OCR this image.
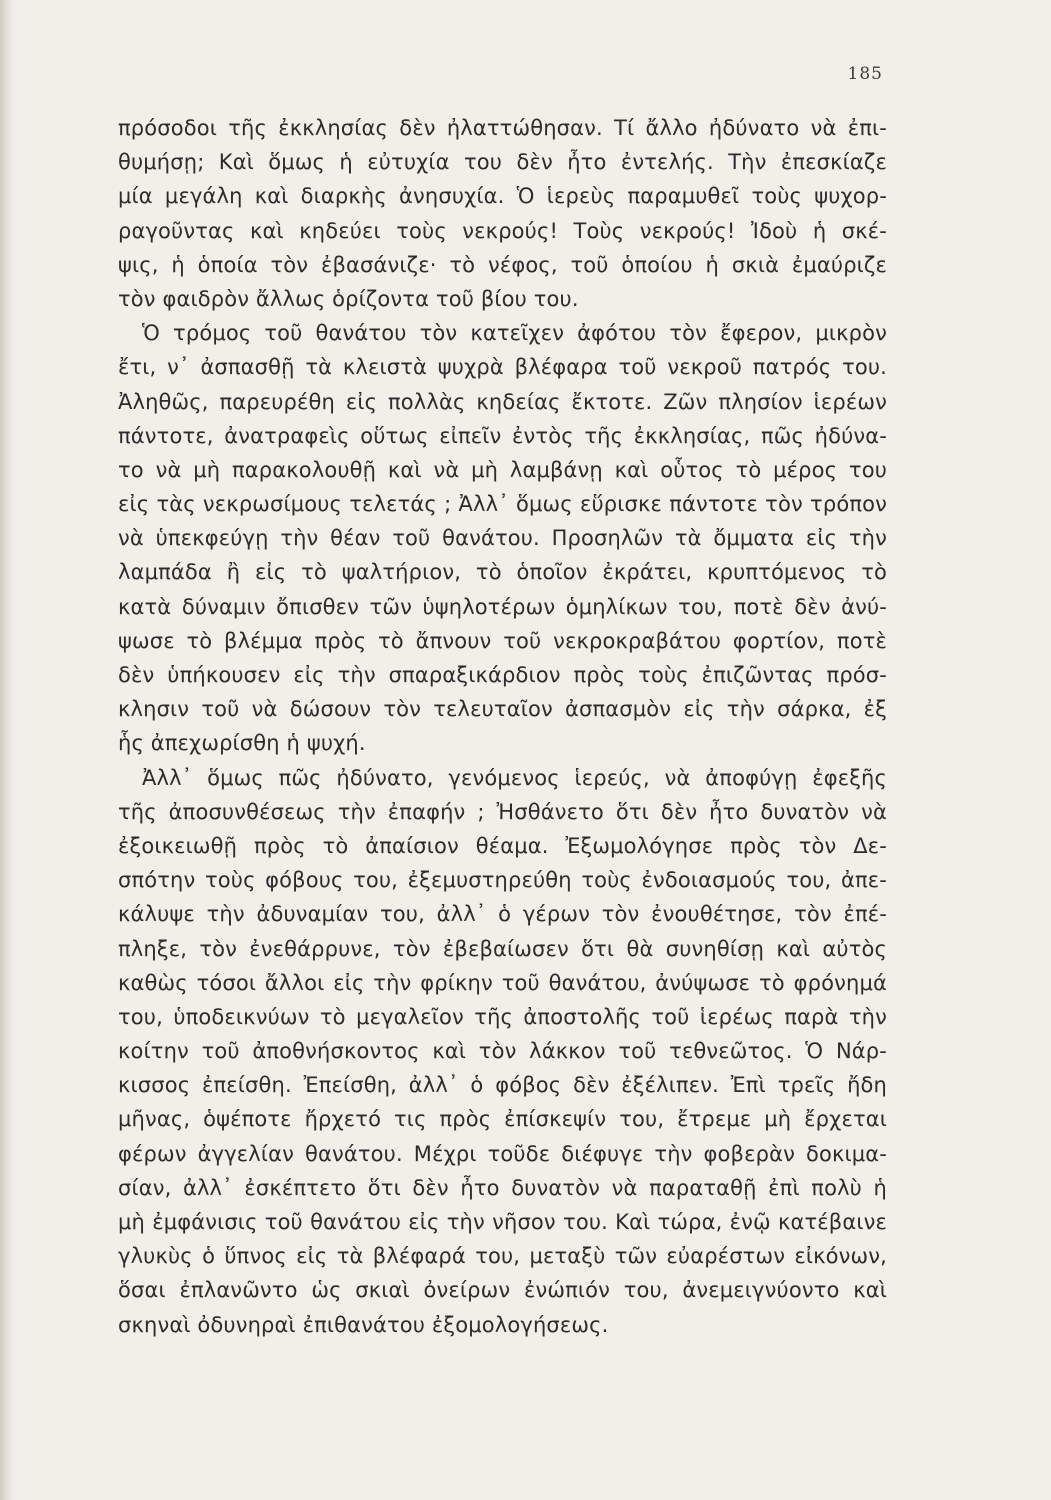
185
πρόσοδοι τῆς ἐκκλησίας δὲν ἠλαττώθησαν. Τί ἄλλο ἠδύνατο νὰ ἐπι-
θυμήσῃ; Καὶ ὅμως ἡ εὐτυχία του δὲν ἦτο ἐντελής. Τὴν ἐπεσκίαζε
μία μεγάλη καὶ διαρκὴς ἀνησυχία. Ὁ ἱερεὺς παραμυθεῖ τοὺς ψυχορ-
ραγοῦντας καὶ κηδεύει τοὺς νεκρούς! Τοὺς νεκρούς! Ἰδοὺ ἡ σκέ-
ψις, ἡ ὁποία τὸν ἐβασάνιζε· τὸ νέφος, τοῦ ὁποίου ἡ σκιὰ ἐμαύριζε
τὸν φαιδρὸν ἄλλως ὁρίζοντα τοῦ βίου του.
Ὁ τρόμος τοῦ θανάτου τὸν κατεῖχεν ἀφότου τὸν ἔφερον, μικρὸν
ἔτι, ν᾽ ἀσπασθῇ τὰ κλειστὰ ψυχρὰ βλέφαρα τοῦ νεκροῦ πατρός του.
Ἀληθῶς, παρευρέθη εἰς πολλὰς κηδείας ἔκτοτε. Ζῶν πλησίον ἱερέων
πάντοτε, ἀνατραφεὶς οὕτως εἰπεῖν ἐντὸς τῆς ἐκκλησίας, πῶς ἠδύνα-
το νὰ μὴ παρακολουθῇ καὶ νὰ μὴ λαμβάνῃ καὶ οὗτος τὸ μέρος του
εἰς τὰς νεκρωσίμους τελετάς ; Ἀλλ᾽ ὅμως εὕρισκε πάντοτε τὸν τρόπον
νὰ ὑπεκφεύγῃ τὴν θέαν τοῦ θανάτου. Προσηλῶν τὰ ὄμματα εἰς τὴν
λαμπάδα ἢ εἰς τὸ ψαλτήριον, τὸ ὁποῖον ἐκράτει, κρυπτόμενος τὸ
κατὰ δύναμιν ὄπισθεν τῶν ὑψηλοτέρων ὁμηλίκων του, ποτὲ δὲν ἀνύ-
ψωσε τὸ βλέμμα πρὸς τὸ ἄπνουν τοῦ νεκροκραβάτου φορτίον, ποτὲ
δὲν ὑπήκουσεν εἰς τὴν σπαραξικάρδιον πρὸς τοὺς ἐπιζῶντας πρόσ-
κλησιν τοῦ νὰ δώσουν τὸν τελευταῖον ἀσπασμὸν εἰς τὴν σάρκα, ἐξ
ἧς ἀπεχωρίσθη ἡ ψυχή.
Ἀλλ᾽ ὅμως πῶς ἠδύνατο, γενόμενος ἱερεύς, νὰ ἀποφύγῃ ἐφεξῆς
τῆς ἀποσυνθέσεως τὴν ἐπαφήν ; Ἠσθάνετο ὅτι δὲν ἦτο δυνατὸν νὰ
ἐξοικειωθῇ πρὸς τὸ ἀπαίσιον θέαμα. Ἐξωμολόγησε πρὸς τὸν Δε-
σπότην τοὺς φόβους του, ἐξεμυστηρεύθη τοὺς ἐνδοιασμούς του, ἀπε-
κάλυψε τὴν ἀδυναμίαν του, ἀλλ᾽ ὁ γέρων τὸν ἐνουθέτησε, τὸν ἐπέ-
πληξε, τὸν ἐνεθάρρυνε, τὸν ἐβεβαίωσεν ὅτι θὰ συνηθίσῃ καὶ αὐτὸς
καθὼς τόσοι ἄλλοι εἰς τὴν φρίκην τοῦ θανάτου, ἀνύψωσε τὸ φρόνημά
του, ὑποδεικνύων τὸ μεγαλεῖον τῆς ἀποστολῆς τοῦ ἱερέως παρὰ τὴν
κοίτην τοῦ ἀποθνήσκοντος καὶ τὸν λάκκον τοῦ τεθνεῶτος. Ὁ Νάρ-
κισσος ἐπείσθη. Ἐπείσθη, ἀλλ᾽ ὁ φόβος δὲν ἐξέλιπεν. Ἐπὶ τρεῖς ἤδη
μῆνας, ὁψέποτε ἤρχετό τις πρὸς ἐπίσκεψίν του, ἔτρεμε μὴ ἔρχεται
φέρων ἀγγελίαν θανάτου. Μέχρι τοῦδε διέφυγε τὴν φοβερὰν δοκιμα-
σίαν, ἀλλ᾽ ἐσκέπτετο ὅτι δὲν ἦτο δυνατὸν νὰ παραταθῇ ἐπὶ πολὺ ἡ
μὴ ἐμφάνισις τοῦ θανάτου εἰς τὴν νῆσον του. Καὶ τώρα, ἐνῷ κατέβαινε
γλυκὺς ὁ ὕπνος εἰς τὰ βλέφαρά του, μεταξὺ τῶν εὐαρέστων εἰκόνων,
ὅσαι ἐπλανῶντο ὡς σκιαὶ ὀνείρων ἐνώπιόν του, ἀνεμειγνύοντο καὶ
σκηναὶ ὀδυνηραὶ ἐπιθανάτου ἐξομολογήσεως.
